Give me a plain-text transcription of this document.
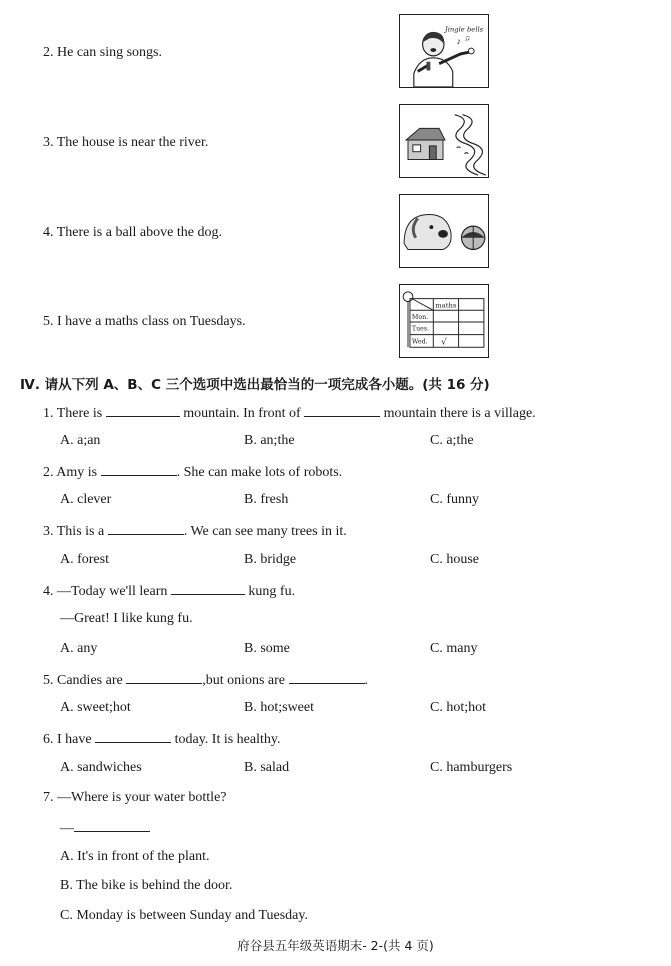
2. He can sing songs.
3. The house is near the river.
4. There is a ball above the dog.
5. I have a maths class on Tuesdays.
Jingle bells
♪ ♫
maths
Mon.
Tues.
Wed. √
Ⅳ. 请从下列 A、B、C 三个选项中选出最恰当的一项完成各小题。(共 16 分)
1. There is	mountain. In front of	mountain there is a village.
A. a;an	B. an;the	C. a;the
2. Amy is	. She can make lots of robots.
A. clever	B. fresh	C. funny
3. This is a	. We can see many trees in it.
A. forest	B. bridge	C. house
4. —Today we'll learn	kung fu.
—Great! I like kung fu.
A. any	B. some	C. many
5. Candies are	,but onions are	.
A. sweet;hot	B. hot;sweet	C. hot;hot
6. I have	today. It is healthy.
A. sandwiches	B. salad	C. hamburgers
7. —Where is your water bottle?
—
A. It's in front of the plant.
B. The bike is behind the door.
C. Monday is between Sunday and Tuesday.
府谷县五年级英语期末- 2-(共 4 页)
